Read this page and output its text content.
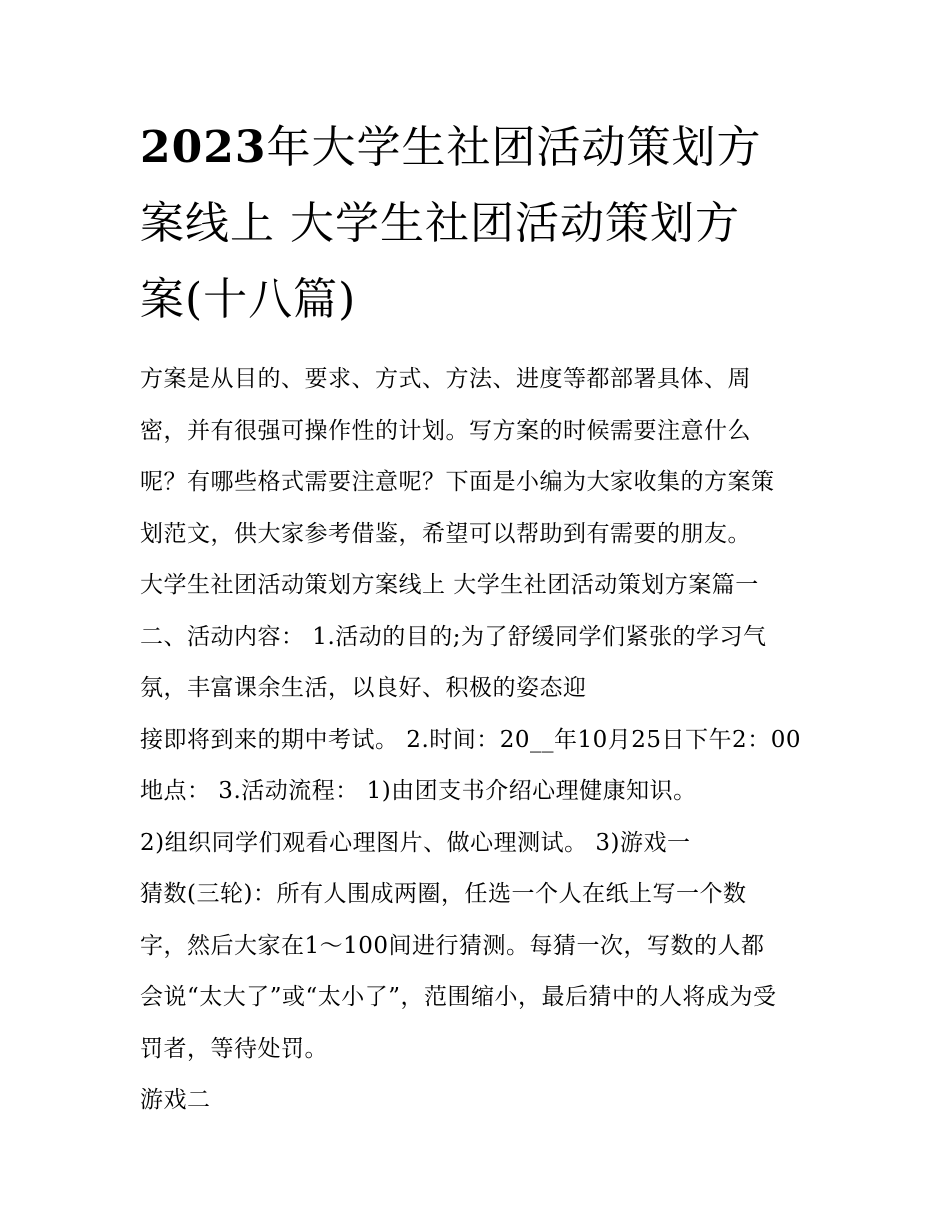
2023年大学生社团活动策划方
案线上 大学生社团活动策划方
案(十八篇)
方案是从目的、要求、方式、方法、进度等都部署具体、周
密，并有很强可操作性的计划。写方案的时候需要注意什么
呢？有哪些格式需要注意呢？下面是小编为大家收集的方案策
划范文，供大家参考借鉴，希望可以帮助到有需要的朋友。
大学生社团活动策划方案线上 大学生社团活动策划方案篇一
二、活动内容： 1.活动的目的;为了舒缓同学们紧张的学习气
氛，丰富课余生活，以良好、积极的姿态迎
接即将到来的期中考试。 2.时间：20__年10月25日下午2：00
地点： 3.活动流程： 1)由团支书介绍心理健康知识。
2)组织同学们观看心理图片、做心理测试。 3)游戏一
猜数(三轮)：所有人围成两圈，任选一个人在纸上写一个数
字，然后大家在1～100间进行猜测。每猜一次，写数的人都
会说“太大了”或“太小了”，范围缩小，最后猜中的人将成为受
罚者，等待处罚。
游戏二
